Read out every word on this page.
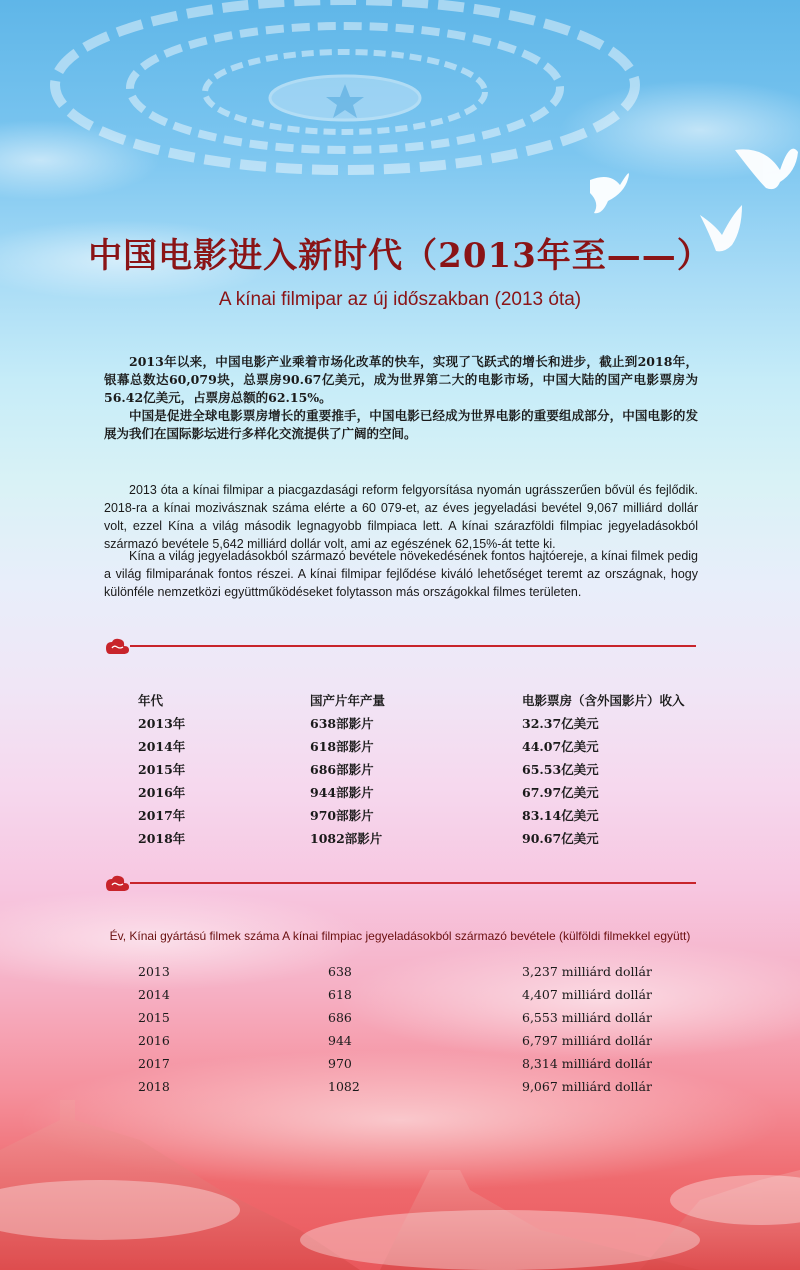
中国电影进入新时代（2013年至——）
A kínai filmipar az új időszakban (2013 óta)

2013年以来，中国电影产业乘着市场化改革的快车，实现了飞跃式的增长和进步，截止到2018年，银幕总数达60,079块，总票房90.67亿美元，成为世界第二大的电影市场，中国大陆的国产电影票房为56.42亿美元，占票房总额的62.15%。

中国是促进全球电影票房增长的重要推手，中国电影已经成为世界电影的重要组成部分，中国电影的发展为我们在国际影坛进行多样化交流提供了广阔的空间。

2013 óta a kínai filmipar a piacgazdasági reform felgyorsítása nyomán ugrásszerűen bővül és fejlődik. 2018-ra a kínai mozivásznak száma elérte a 60 079-et, az éves jegyeladási bevétel 9,067 milliárd dollár volt, ezzel Kína a világ második legnagyobb filmpiaca lett. A kínai szárazföldi filmpiac jegyeladásokból származó bevétele 5,642 milliárd dollár volt, ami az egészének 62,15%-át tette ki.

Kína a világ jegyeladásokból származó bevétele növekedésének fontos hajtóereje, a kínai filmek pedig a világ filmiparának fontos részei. A kínai filmipar fejlődése kiváló lehetőséget teremt az országnak, hogy különféle nemzetközi együttműködéseket folytasson más országokkal filmes területen.

年代	国产片年产量	电影票房（含外国影片）收入
2013年	638部影片	32.37亿美元
2014年	618部影片	44.07亿美元
2015年	686部影片	65.53亿美元
2016年	944部影片	67.97亿美元
2017年	970部影片	83.14亿美元
2018年	1082部影片	90.67亿美元
Év, Kínai gyártású filmek száma A kínai filmpiac jegyeladásokból származó bevétele (külföldi filmekkel együtt)
2013	638	3,237 milliárd dollár
2014	618	4,407 milliárd dollár
2015	686	6,553 milliárd dollár
2016	944	6,797 milliárd dollár
2017	970	8,314 milliárd dollár
2018	1082	9,067 milliárd dollár
